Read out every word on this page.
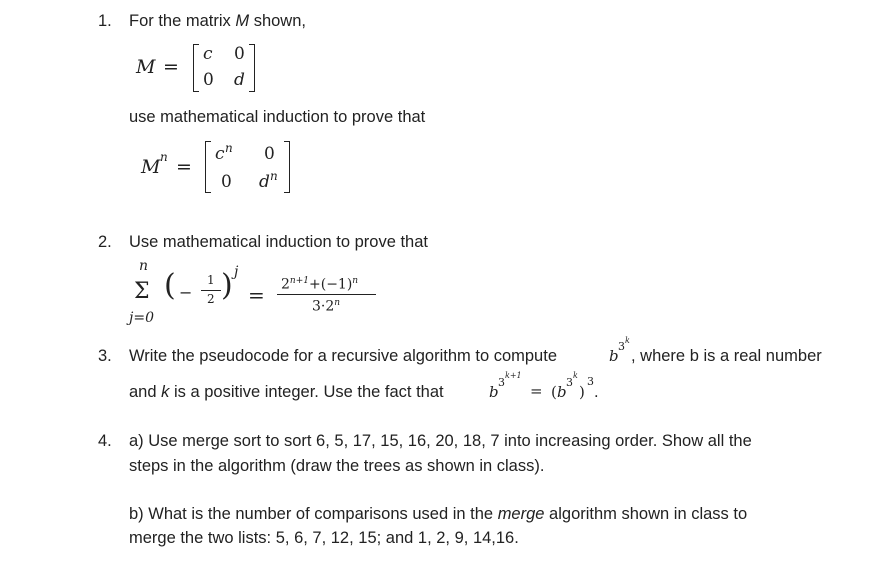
1. For the matrix M shown,
M =
c 0
0 d
use mathematical induction to prove that
M n =
c n 0
0 d n
2. Use mathematical induction to prove that
n
Σ
j=0
( −
1
2 ) j
= $2^{n+1}+(-1)^n$
$3\cdot 2^n$
3. Write the pseudocode for a recursive algorithm to compute	b
3 k
, where b is a real number
and k is a positive integer. Use the fact that	b
3
k+1
= ( b
3
k
)
3
.
4. a) Use merge sort to sort 6, 5, 17, 15, 16, 20, 18, 7 into increasing order. Show all the
steps in the algorithm (draw the trees as shown in class).
b) What is the number of comparisons used in the merge algorithm shown in class to
merge the two lists: 5, 6, 7, 12, 15; and 1, 2, 9, 14,16.
